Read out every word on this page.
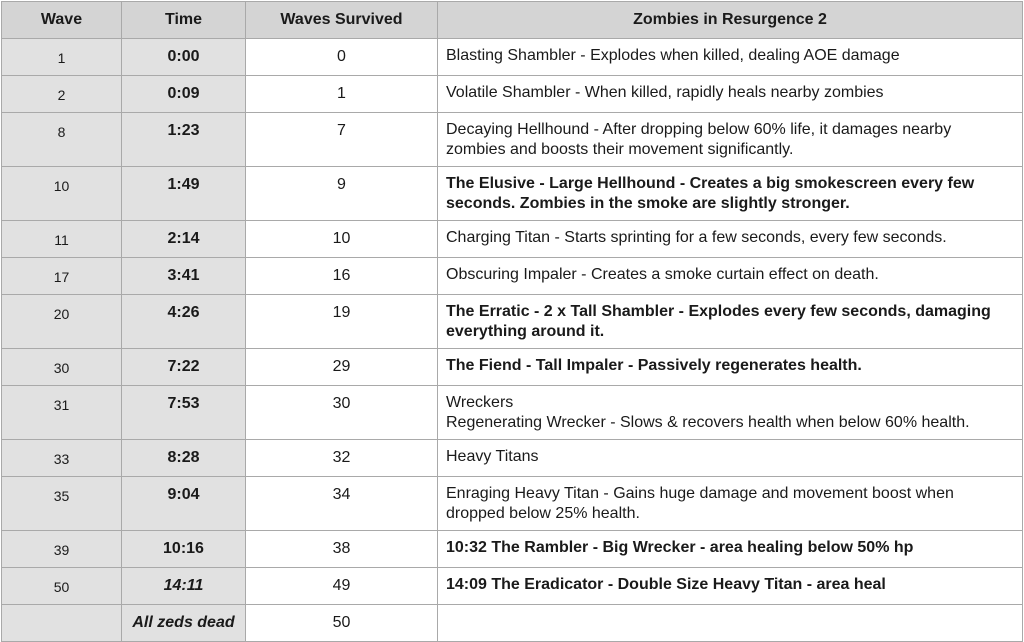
Wave	Time	Waves Survived	Zombies in Resurgence 2
1	0:00	0	Blasting Shambler - Explodes when killed, dealing AOE damage
2	0:09	1	Volatile Shambler - When killed, rapidly heals nearby zombies
8	1:23	7	Decaying Hellhound - After dropping below 60% life, it damages nearby zombies and boosts their movement significantly.
10	1:49	9	The Elusive - Large Hellhound - Creates a big smokescreen every few seconds. Zombies in the smoke are slightly stronger.
11	2:14	10	Charging Titan - Starts sprinting for a few seconds, every few seconds.
17	3:41	16	Obscuring Impaler - Creates a smoke curtain effect on death.
20	4:26	19	The Erratic - 2 x Tall Shambler - Explodes every few seconds, damaging everything around it.
30	7:22	29	The Fiend - Tall Impaler - Passively regenerates health.
31	7:53	30	Wreckers
Regenerating Wrecker - Slows & recovers health when below 60% health.

33	8:28	32	Heavy Titans
35	9:04	34	Enraging Heavy Titan - Gains huge damage and movement boost when dropped below 25% health.
39	10:16	38	10:32 The Rambler - Big Wrecker - area healing below 50% hp
50	14:11	49	14:09 The Eradicator - Double Size Heavy Titan - area heal
	All zeds dead	50	
